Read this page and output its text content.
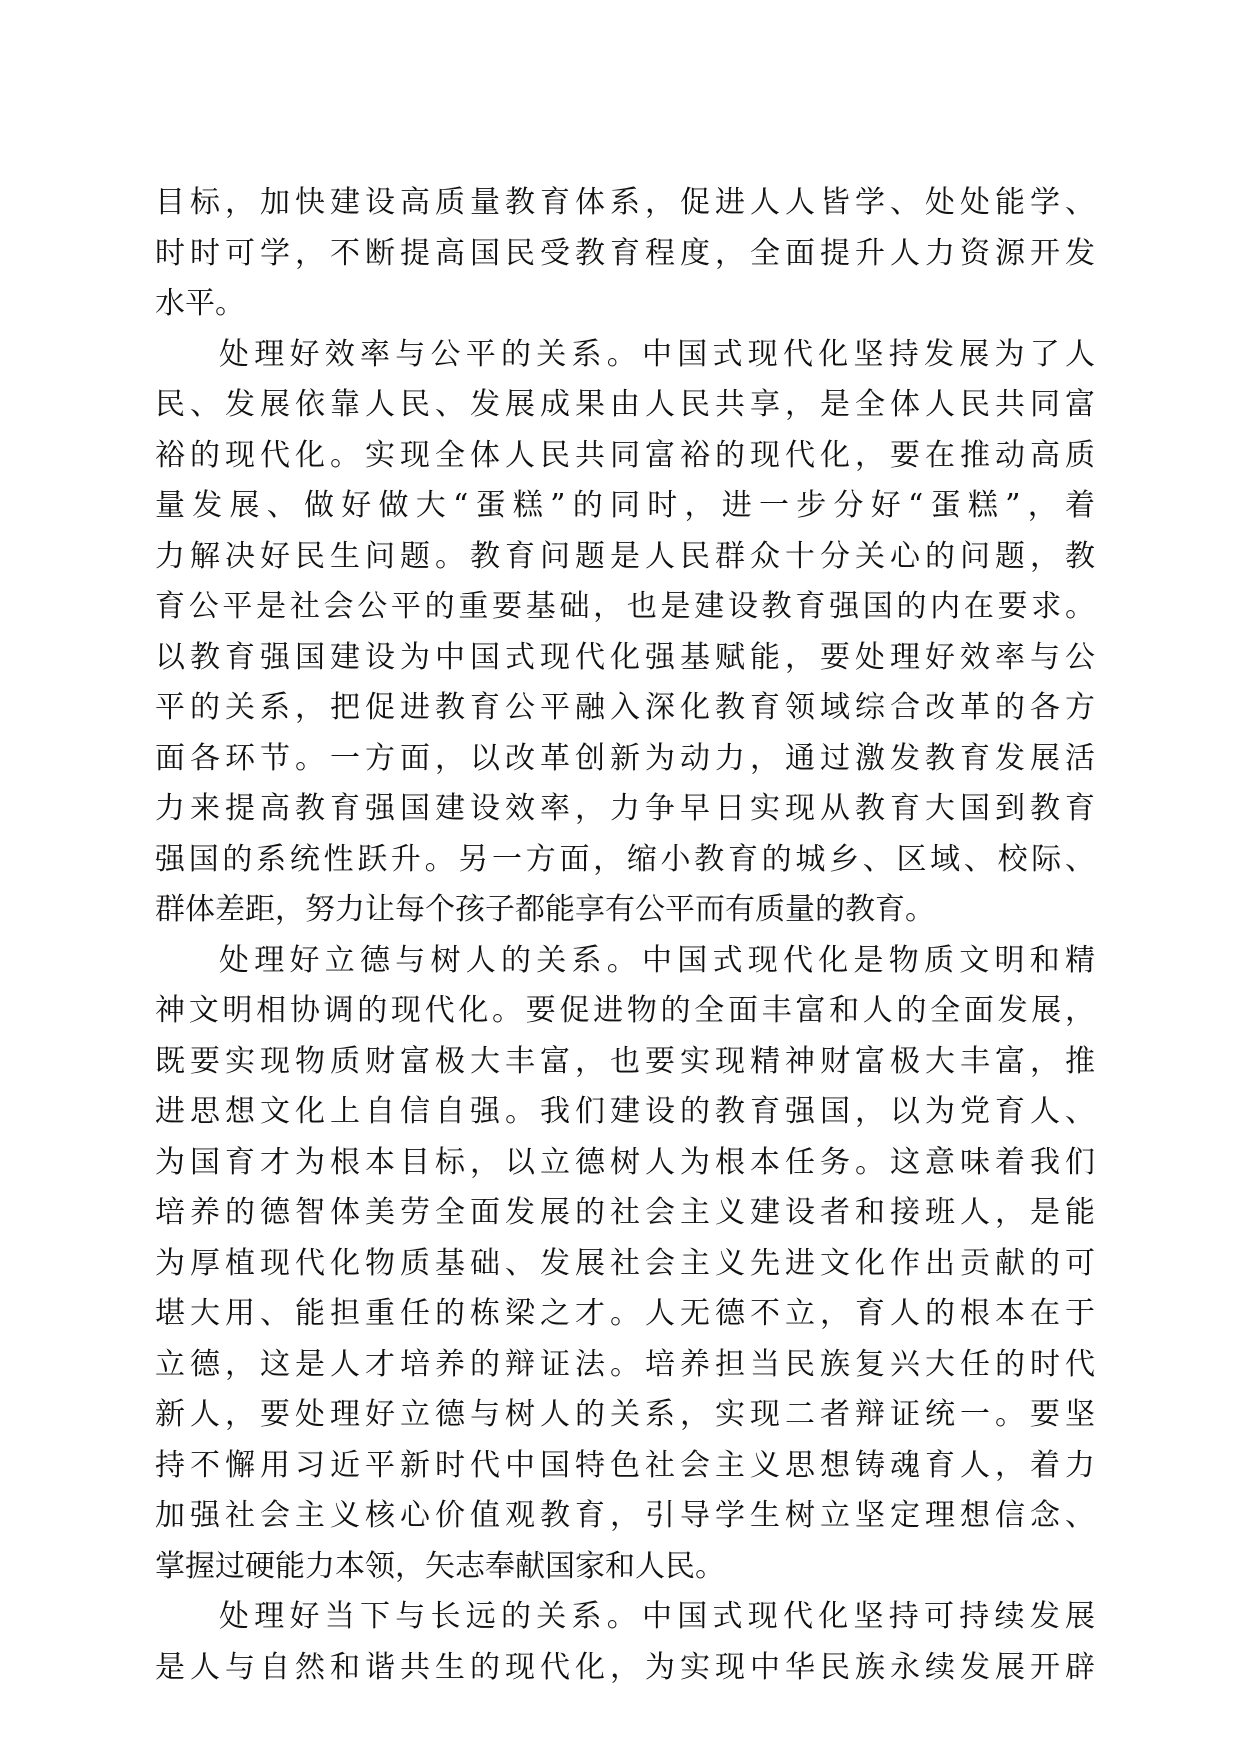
目标，加快建设高质量教育体系，促进人人皆学、处处能学、
时时可学，不断提高国民受教育程度，全面提升人力资源开发
水平。
处理好效率与公平的关系。中国式现代化坚持发展为了人
民、发展依靠人民、发展成果由人民共享，是全体人民共同富
裕的现代化。实现全体人民共同富裕的现代化，要在推动高质
量发展、做好做大“蛋糕”的同时，进一步分好“蛋糕”，着
力解决好民生问题。教育问题是人民群众十分关心的问题，教
育公平是社会公平的重要基础，也是建设教育强国的内在要求。
以教育强国建设为中国式现代化强基赋能，要处理好效率与公
平的关系，把促进教育公平融入深化教育领域综合改革的各方
面各环节。一方面，以改革创新为动力，通过激发教育发展活
力来提高教育强国建设效率，力争早日实现从教育大国到教育
强国的系统性跃升。另一方面，缩小教育的城乡、区域、校际、
群体差距，努力让每个孩子都能享有公平而有质量的教育。
处理好立德与树人的关系。中国式现代化是物质文明和精
神文明相协调的现代化。要促进物的全面丰富和人的全面发展，
既要实现物质财富极大丰富，也要实现精神财富极大丰富，推
进思想文化上自信自强。我们建设的教育强国，以为党育人、
为国育才为根本目标，以立德树人为根本任务。这意味着我们
培养的德智体美劳全面发展的社会主义建设者和接班人，是能
为厚植现代化物质基础、发展社会主义先进文化作出贡献的可
堪大用、能担重任的栋梁之才。人无德不立，育人的根本在于
立德，这是人才培养的辩证法。培养担当民族复兴大任的时代
新人，要处理好立德与树人的关系，实现二者辩证统一。要坚
持不懈用习近平新时代中国特色社会主义思想铸魂育人，着力
加强社会主义核心价值观教育，引导学生树立坚定理想信念、
掌握过硬能力本领，矢志奉献国家和人民。
处理好当下与长远的关系。中国式现代化坚持可持续发展
是人与自然和谐共生的现代化，为实现中华民族永续发展开辟
